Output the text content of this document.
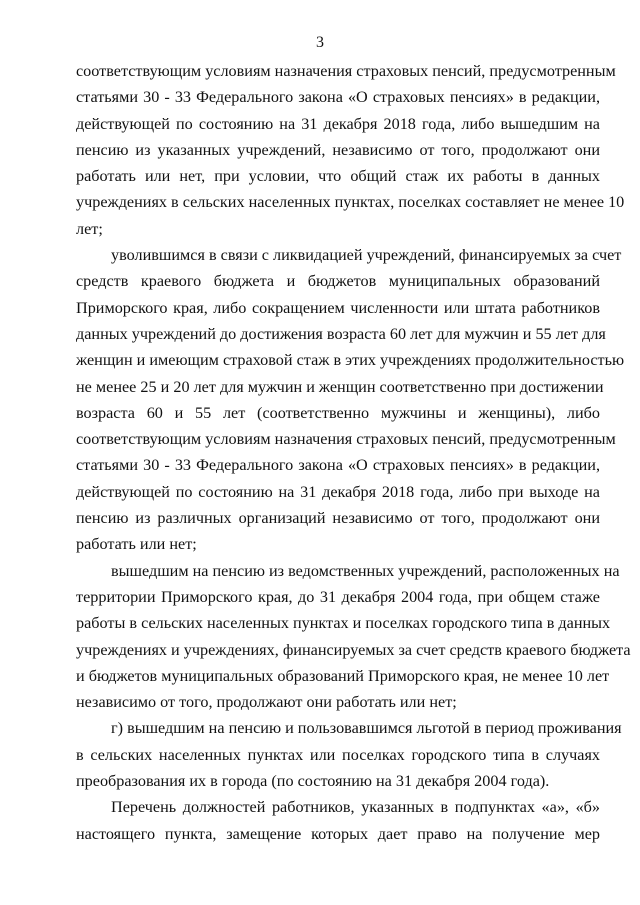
3
соответствующим условиям назначения страховых пенсий, предусмотренным
статьями 30 - 33 Федерального закона «О страховых пенсиях» в редакции,
действующей по состоянию на 31 декабря 2018 года, либо вышедшим на
пенсию из указанных учреждений, независимо от того, продолжают они
работать или нет, при условии, что общий стаж их работы в данных
учреждениях в сельских населенных пунктах, поселках составляет не менее 10
лет;
уволившимся в связи с ликвидацией учреждений, финансируемых за счет
средств краевого бюджета и бюджетов муниципальных образований
Приморского края, либо сокращением численности или штата работников
данных учреждений до достижения возраста 60 лет для мужчин и 55 лет для
женщин и имеющим страховой стаж в этих учреждениях продолжительностью
не менее 25 и 20 лет для мужчин и женщин соответственно при достижении
возраста 60 и 55 лет (соответственно мужчины и женщины), либо
соответствующим условиям назначения страховых пенсий, предусмотренным
статьями 30 - 33 Федерального закона «О страховых пенсиях» в редакции,
действующей по состоянию на 31 декабря 2018 года, либо при выходе на
пенсию из различных организаций независимо от того, продолжают они
работать или нет;
вышедшим на пенсию из ведомственных учреждений, расположенных на
территории Приморского края, до 31 декабря 2004 года, при общем стаже
работы в сельских населенных пунктах и поселках городского типа в данных
учреждениях и учреждениях, финансируемых за счет средств краевого бюджета
и бюджетов муниципальных образований Приморского края, не менее 10 лет
независимо от того, продолжают они работать или нет;
г) вышедшим на пенсию и пользовавшимся льготой в период проживания
в сельских населенных пунктах или поселках городского типа в случаях
преобразования их в города (по состоянию на 31 декабря 2004 года).
Перечень должностей работников, указанных в подпунктах «а», «б»
настоящего пункта, замещение которых дает право на получение мер
